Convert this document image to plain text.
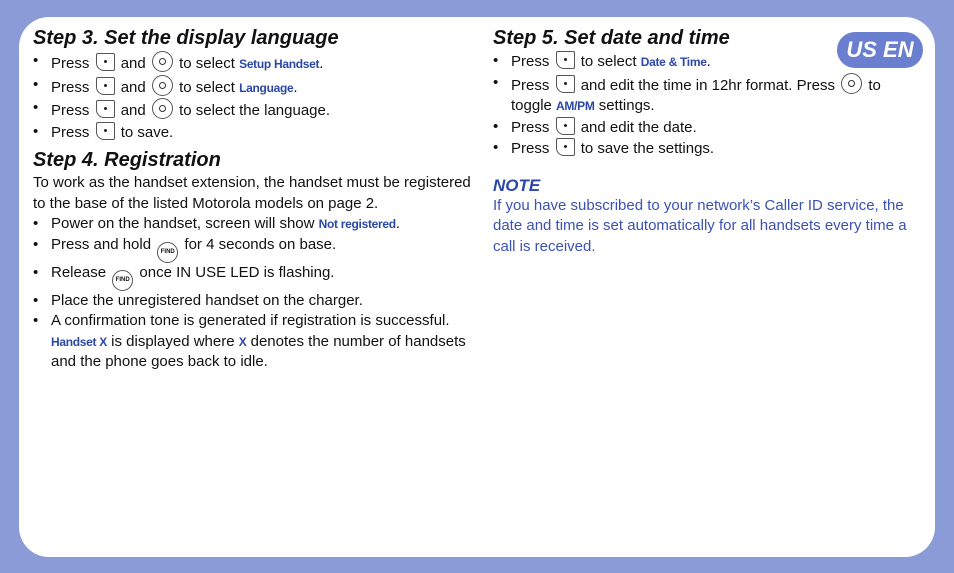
US EN
Step 3. Set the display language
• Press and to select Setup Handset.
• Press and to select Language.
• Press and to select the language.
• Press to save.
Step 4. Registration

To work as the handset extension, the handset must be registered to the base of the listed Motorola models on page 2.

• Power on the handset, screen will show Not registered.
• Press and hold FIND for 4 seconds on base.
• Release FIND once IN USE LED is flashing.
• Place the unregistered handset on the charger.
• A confirmation tone is generated if registration is successful. Handset X is displayed where X denotes the number of handsets and the phone goes back to idle.
Step 5. Set date and time
• Press to select Date & Time.
• Press and edit the time in 12hr format. Press to toggle AM/PM settings.
• Press and edit the date.
• Press to save the settings.
NOTE
If you have subscribed to your network’s Caller ID service, the date and time is set automatically for all handsets every time a call is received.
